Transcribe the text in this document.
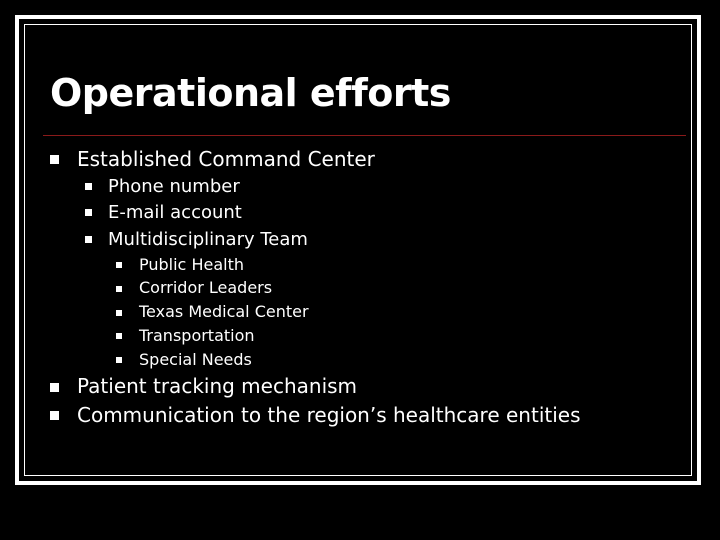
Operational efforts
Established Command Center
Phone number
E-mail account
Multidisciplinary Team
Public Health
Corridor Leaders
Texas Medical Center
Transportation
Special Needs
Patient tracking mechanism
Communication to the region’s healthcare entities
